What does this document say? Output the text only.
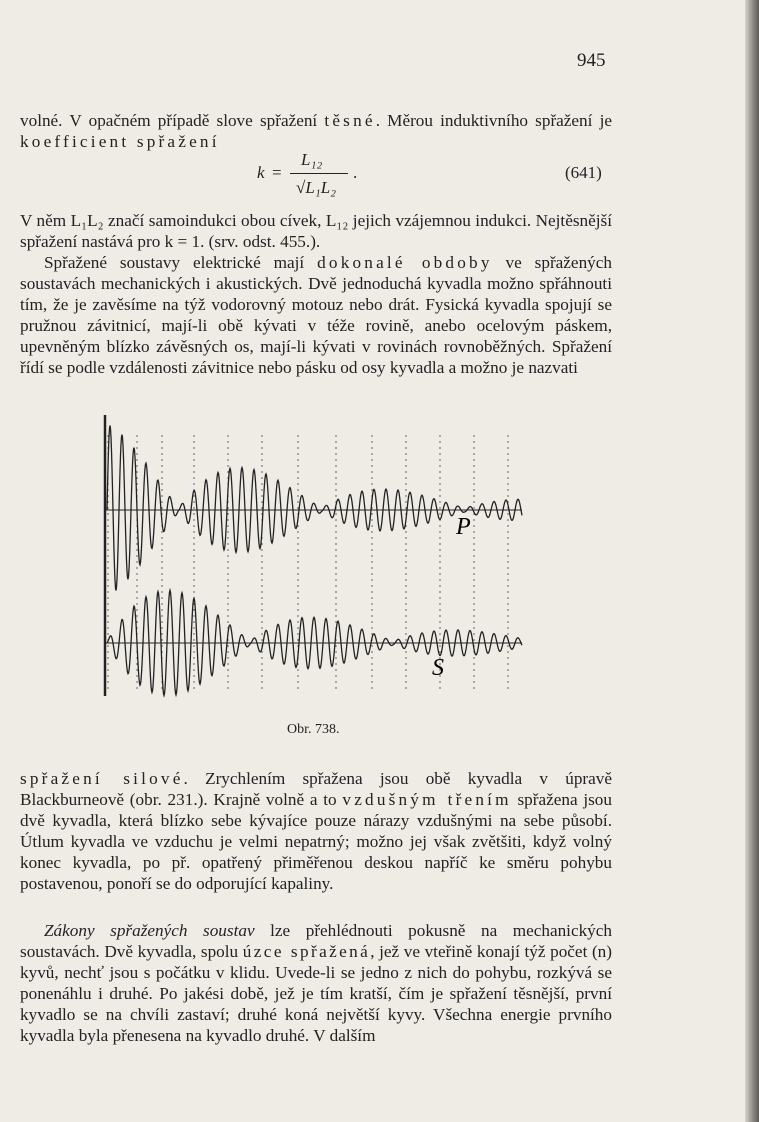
945

volné. V opačném případě slove spřažení těsné. Měrou induktivního spřažení je koefficient spřažení

k =
L₁₂
√L₁L₂
.	(641)

V něm L₁L₂ značí samoindukci obou cívek, L₁₂ jejich vzájemnou indukci. Nejtěsnější spřažení nastává pro k = 1. (srv. odst. 455.).

Spřažené soustavy elektrické mají dokonalé obdoby ve spřažených soustavách mechanických i akustických. Dvě jednoduchá kyvadla možno spřáhnouti tím, že je zavěsíme na týž vodorovný motouz nebo drát. Fysická kyvadla spojují se pružnou závitnicí, mají-li obě kývati v téže rovině, anebo ocelovým páskem, upevněným blízko závěsných os, mají-li kývati v rovinách rovnoběžných. Spřažení řídí se podle vzdálenosti závitnice nebo pásku od osy kyvadla a možno je nazvati

P
S
Obr. 738.

spřažení silové. Zrychlením spřažena jsou obě kyvadla v úpravě Blackburneově (obr. 231.). Krajně volně a to vzdušným třením spřažena jsou dvě kyvadla, která blízko sebe kývajíce pouze nárazy vzdušnými na sebe působí. Útlum kyvadla ve vzduchu je velmi nepatrný; možno jej však zvětšiti, když volný konec kyvadla, po př. opatřený přiměřenou deskou napříč ke směru pohybu postavenou, ponoří se do odporující kapaliny.

Zákony spřažených soustav lze přehlédnouti pokusně na mechanických soustavách. Dvě kyvadla, spolu úzce spřažená, jež ve vteřině konají týž počet (n) kyvů, nechť jsou s počátku v klidu. Uvede-li se jedno z nich do pohybu, rozkývá se ponenáhlu i druhé. Po jakési době, jež je tím kratší, čím je spřažení těsnější, první kyvadlo se na chvíli zastaví; druhé koná největší kyvy. Všechna energie prvního kyvadla byla přenesena na kyvadlo druhé. V dalším
